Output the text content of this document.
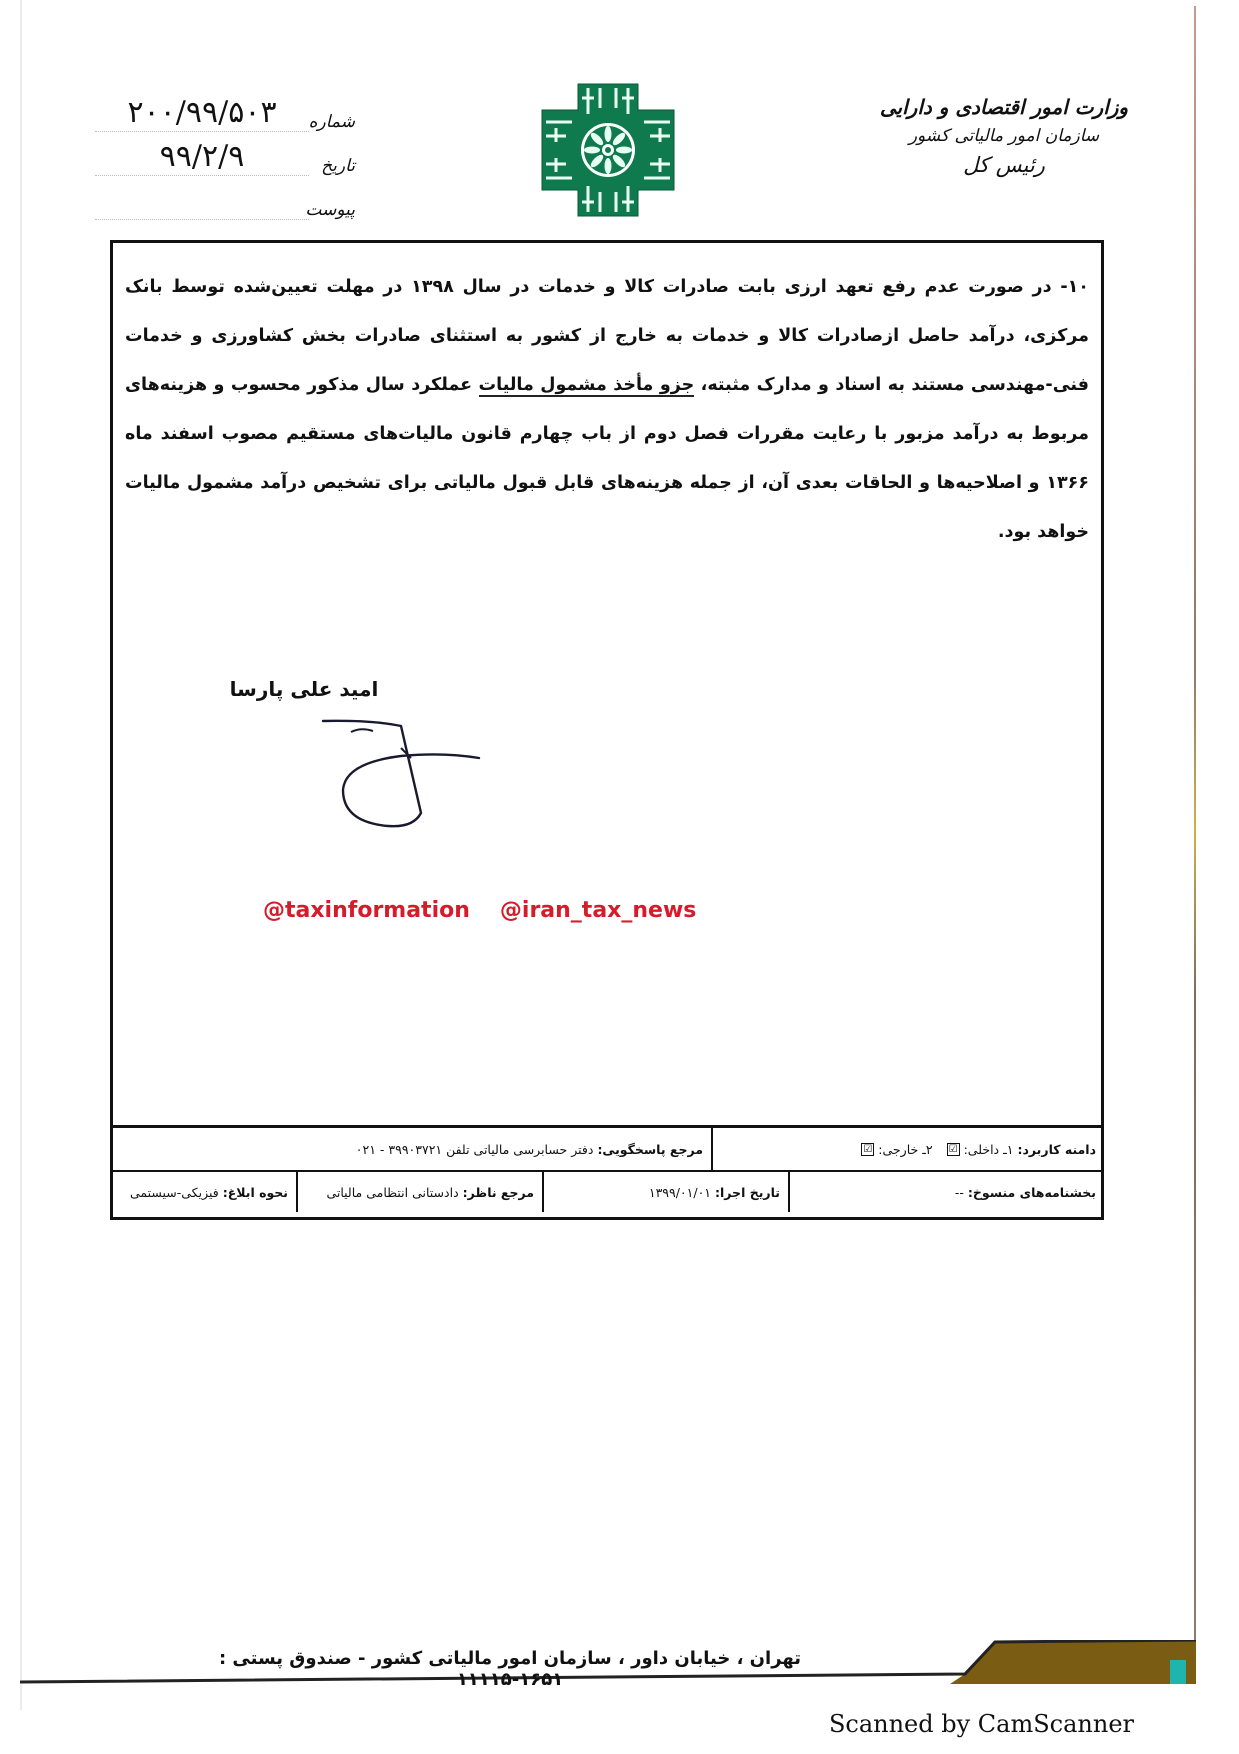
وزارت امور اقتصادی و دارایی
سازمان امور مالیاتی کشور
رئیس کل
شماره
۲۰۰/۹۹/۵۰۳
تاریخ
۹۹/۲/۹
پیوست
۱۰- در صورت عدم رفع تعهد ارزی بابت صادرات کالا و خدمات در سال ۱۳۹۸ در مهلت تعیین‌شده توسط بانک مرکزی، درآمد حاصل ازصادرات کالا و خدمات به خارج از کشور به استثنای صادرات بخش کشاورزی و خدمات فنی-مهندسی مستند به اسناد و مدارک مثبته، جزو مأخذ مشمول مالیات عملکرد سال مذکور محسوب و هزینه‌های مربوط به درآمد مزبور با رعایت مقررات فصل دوم از باب چهارم قانون مالیات‌های مستقیم مصوب اسفند ماه ۱۳۶۶ و اصلاحیه‌ها و الحاقات بعدی آن، از جمله هزینه‌های قابل قبول مالیاتی برای تشخیص درآمد مشمول مالیات خواهد بود.
امید علی پارسا
@taxinformation @iran_tax_news
دامنه کاربرد:
۱ـ داخلی:
☑
۲ـ خارجی:
☑
مرجع پاسخگویی:
دفتر حسابرسی مالیاتی تلفن ۳۹۹۰۳۷۲۱ - ۰۲۱
بخشنامه‌های منسوخ:
--
تاریخ اجرا:
۱۳۹۹/۰۱/۰۱
مرجع ناظر:
دادستانی انتظامی مالیاتی
نحوه ابلاغ:
فیزیکی-سیستمی
تهران ، خیابان داور ، سازمان امور مالیاتی کشور - صندوق پستی : ۱۶۵۱-۱۱۱۱۵
Scanned by CamScanner
